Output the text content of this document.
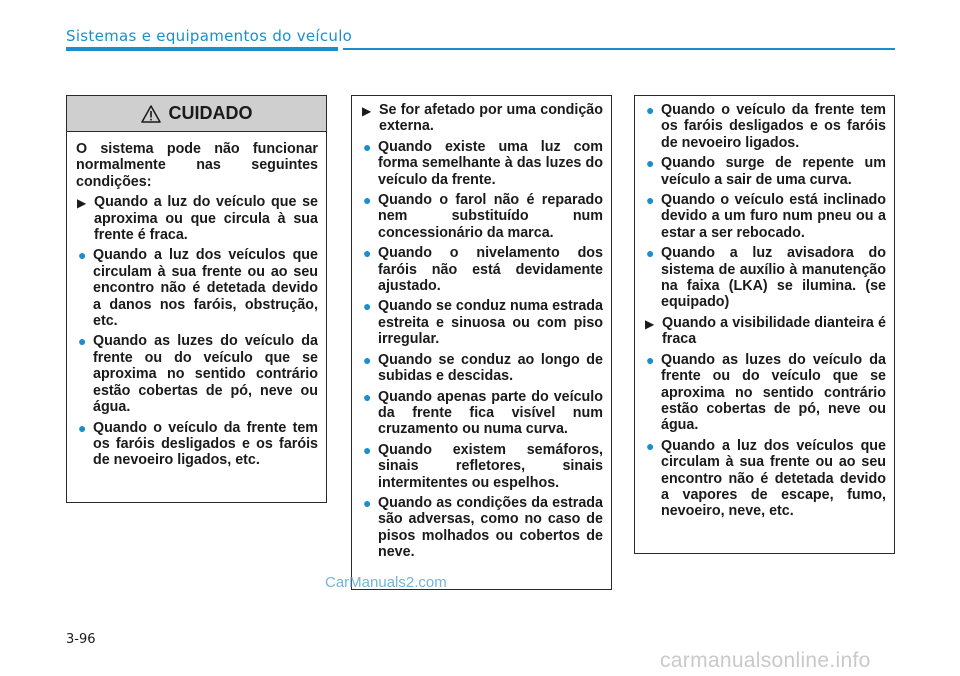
Sistemas e equipamentos do veículo
CUIDADO
O sistema pode não funcionar normalmente nas seguintes condições:
▶ Quando a luz do veículo que se aproxima ou que circula à sua frente é fraca.
● Quando a luz dos veículos que circulam à sua frente ou ao seu encontro não é detetada devido a danos nos faróis, obstrução, etc.
● Quando as luzes do veículo da frente ou do veículo que se aproxima no sentido contrário estão cobertas de pó, neve ou água.
● Quando o veículo da frente tem os faróis desligados e os faróis de nevoeiro ligados, etc.
▶ Se for afetado por uma condição externa.
● Quando existe uma luz com forma semelhante à das luzes do veículo da frente.
● Quando o farol não é reparado nem substituído num concessionário da marca.
● Quando o nivelamento dos faróis não está devidamente ajustado.
● Quando se conduz numa estrada estreita e sinuosa ou com piso irregular.
● Quando se conduz ao longo de subidas e descidas.
● Quando apenas parte do veículo da frente fica visível num cruzamento ou numa curva.
● Quando existem semáforos, sinais refletores, sinais intermitentes ou espelhos.
● Quando as condições da estrada são adversas, como no caso de pisos molhados ou cobertos de neve.
● Quando o veículo da frente tem os faróis desligados e os faróis de nevoeiro ligados.
● Quando surge de repente um veículo a sair de uma curva.
● Quando o veículo está inclinado devido a um furo num pneu ou a estar a ser rebocado.
● Quando a luz avisadora do sistema de auxílio à manutenção na faixa (LKA) se ilumina. (se equipado)
▶ Quando a visibilidade dianteira é fraca
● Quando as luzes do veículo da frente ou do veículo que se aproxima no sentido contrário estão cobertas de pó, neve ou água.
● Quando a luz dos veículos que circulam à sua frente ou ao seu encontro não é detetada devido a vapores de escape, fumo, nevoeiro, neve, etc.
3-96
CarManuals2.com
carmanualsonline.info
